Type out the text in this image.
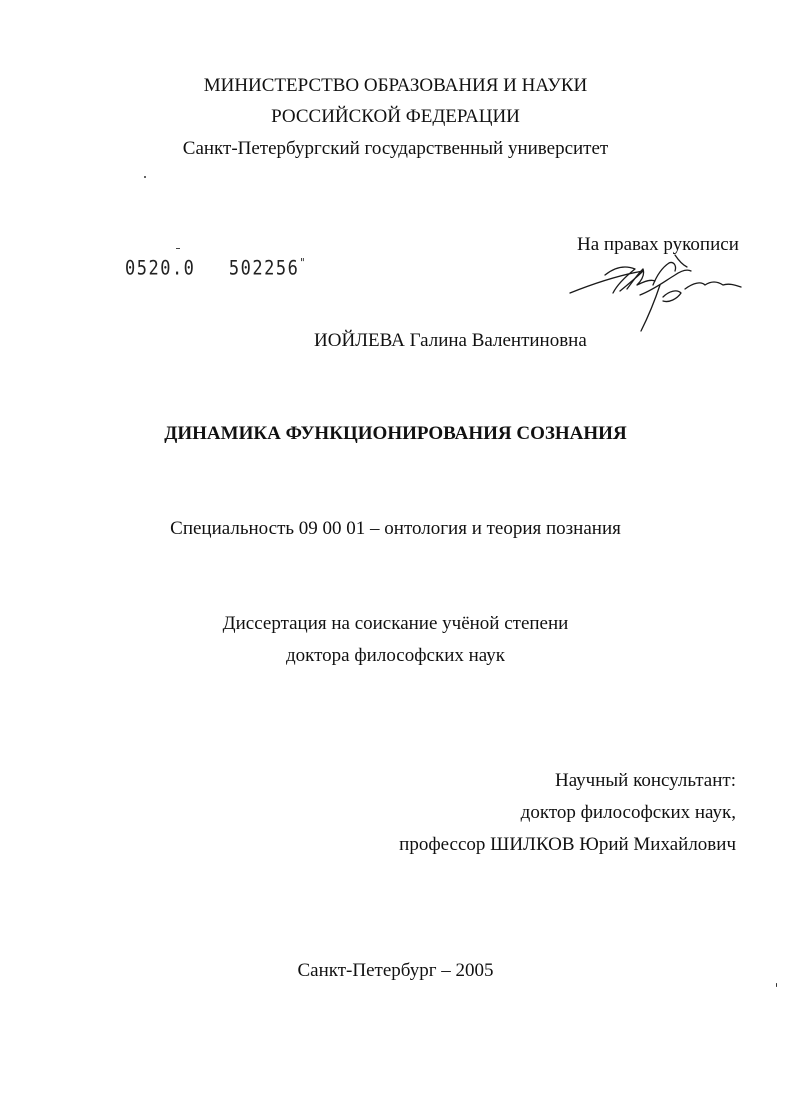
МИНИСТЕРСТВО ОБРАЗОВАНИЯ И НАУКИ
РОССИЙСКОЙ ФЕДЕРАЦИИ
Санкт-Петербургский государственный университет
0520.0 502256"
На правах рукописи
ИОЙЛЕВА Галина Валентиновна
ДИНАМИКА ФУНКЦИОНИРОВАНИЯ СОЗНАНИЯ
Специальность 09 00 01 – онтология и теория познания
Диссертация на соискание учёной степени
доктора философских наук
Научный консультант:
доктор философских наук,
профессор ШИЛКОВ Юрий Михайлович
Санкт-Петербург – 2005
